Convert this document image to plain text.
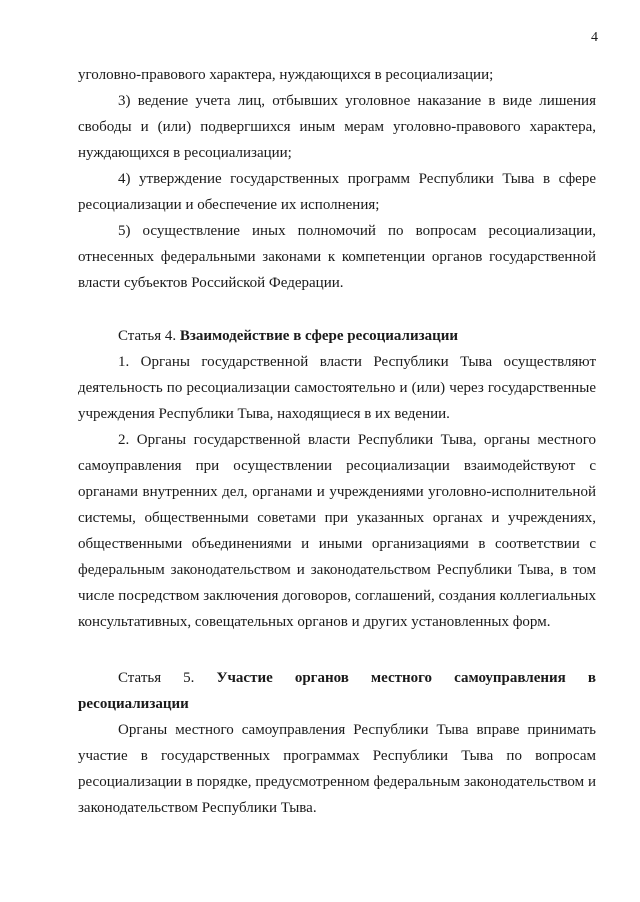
4

уголовно-правового характера, нуждающихся в ресоциализации;

3) ведение учета лиц, отбывших уголовное наказание в виде лишения свободы и (или) подвергшихся иным мерам уголовно-правового характера, нуждающихся в ресоциализации;

4) утверждение государственных программ Республики Тыва в сфере ресоциализации и обеспечение их исполнения;

5) осуществление иных полномочий по вопросам ресоциализации, отнесенных федеральными законами к компетенции органов государственной власти субъектов Российской Федерации.

Статья 4. Взаимодействие в сфере ресоциализации

1. Органы государственной власти Республики Тыва осуществляют деятельность по ресоциализации самостоятельно и (или) через государственные учреждения Республики Тыва, находящиеся в их ведении.

2. Органы государственной власти Республики Тыва, органы местного самоуправления при осуществлении ресоциализации взаимодействуют с органами внутренних дел, органами и учреждениями уголовно-исполнительной системы, общественными советами при указанных органах и учреждениях, общественными объединениями и иными организациями в соответствии с федеральным законодательством и законодательством Республики Тыва, в том числе посредством заключения договоров, соглашений, создания коллегиальных консультативных, совещательных органов и других установленных форм.

Статья 5. Участие органов местного самоуправления в

ресоциализации

Органы местного самоуправления Республики Тыва вправе принимать участие в государственных программах Республики Тыва по вопросам ресоциализации в порядке, предусмотренном федеральным законодательством и законодательством Республики Тыва.
